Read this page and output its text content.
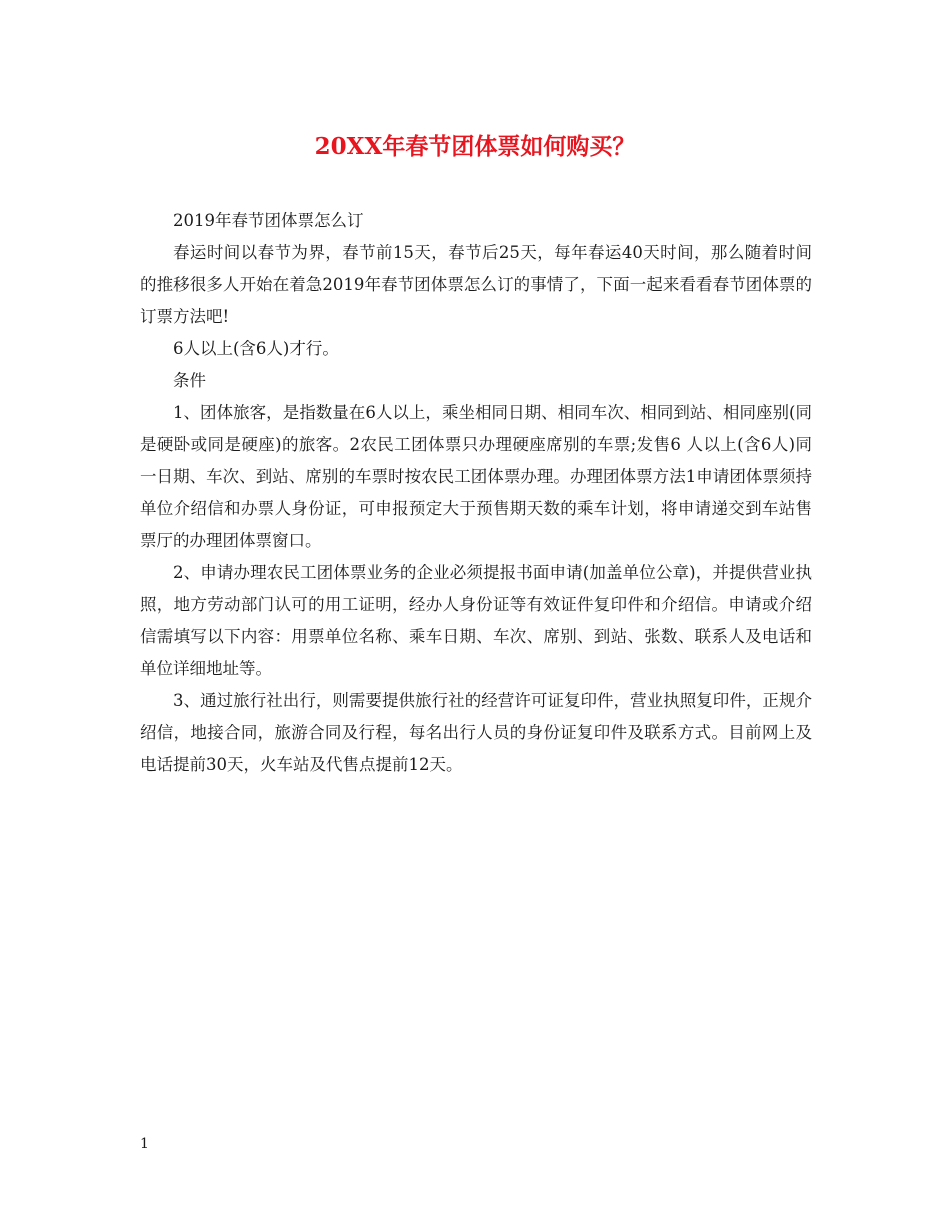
20XX年春节团体票如何购买？

2019年春节团体票怎么订

春运时间以春节为界，春节前15天，春节后25天，每年春运40天时间，那么随着时间的推移很多人开始在着急2019年春节团体票怎么订的事情了，下面一起来看看春节团体票的订票方法吧!

6人以上(含6人)才行。

条件

1、团体旅客，是指数量在6人以上，乘坐相同日期、相同车次、相同到站、相同座别(同是硬卧或同是硬座)的旅客。2农民工团体票只办理硬座席别的车票;发售6 人以上(含6人)同一日期、车次、到站、席别的车票时按农民工团体票办理。办理团体票方法1申请团体票须持单位介绍信和办票人身份证，可申报预定大于预售期天数的乘车计划，将申请递交到车站售票厅的办理团体票窗口。

2、申请办理农民工团体票业务的企业必须提报书面申请(加盖单位公章)，并提供营业执照，地方劳动部门认可的用工证明，经办人身份证等有效证件复印件和介绍信。申请或介绍信需填写以下内容：用票单位名称、乘车日期、车次、席别、到站、张数、联系人及电话和单位详细地址等。

3、通过旅行社出行，则需要提供旅行社的经营许可证复印件，营业执照复印件，正规介绍信，地接合同，旅游合同及行程，每名出行人员的身份证复印件及联系方式。目前网上及电话提前30天，火车站及代售点提前12天。

1
